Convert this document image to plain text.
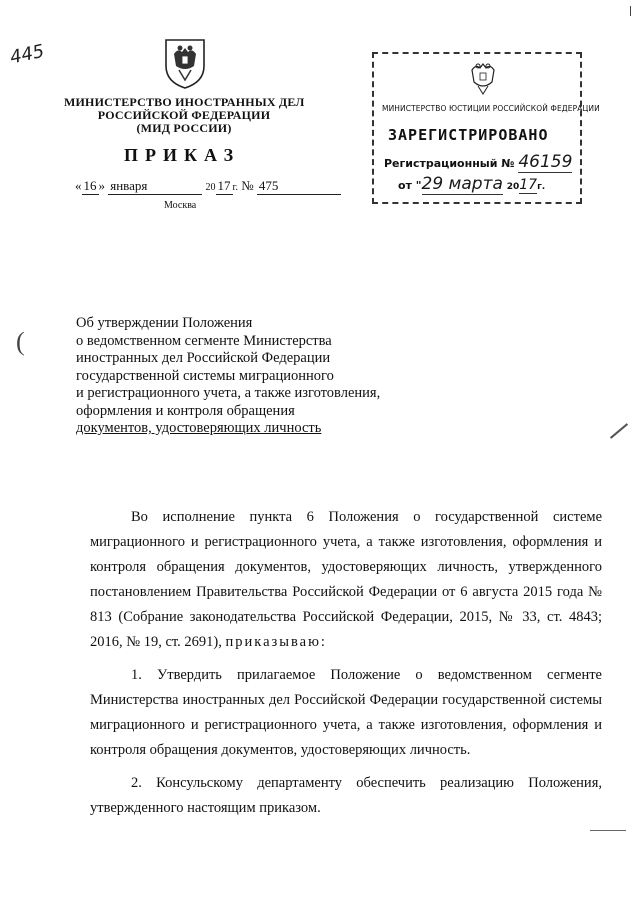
445
МИНИСТЕРСТВО ИНОСТРАННЫХ ДЕЛ
РОССИЙСКОЙ ФЕДЕРАЦИИ
(МИД РОССИИ)
ПРИКАЗ
« 16 » января	20 17 г. № 475
Москва
МИНИСТЕРСТВО ЮСТИЦИИ РОССИЙСКОЙ ФЕДЕРАЦИИ
ЗАРЕГИСТРИРОВАНО
Регистрационный № 46159
от "29 марта 2017г.
(
Об утверждении Положения
о ведомственном сегменте Министерства
иностранных дел Российской Федерации
государственной системы миграционного
и регистрационного учета, а также изготовления,
оформления и контроля обращения
документов, удостоверяющих личность

Во исполнение пункта 6 Положения о государственной системе миграционного и регистрационного учета, а также изготовления, оформления и контроля обращения документов, удостоверяющих личность, утвержденного постановлением Правительства Российской Федерации от 6 августа 2015 года № 813 (Собрание законодательства Российской Федерации, 2015, № 33, ст. 4843; 2016, № 19, ст. 2691), приказываю:

1. Утвердить прилагаемое Положение о ведомственном сегменте Министерства иностранных дел Российской Федерации государственной системы миграционного и регистрационного учета, а также изготовления, оформления и контроля обращения документов, удостоверяющих личность.

2. Консульскому департаменту обеспечить реализацию Положения, утвержденного настоящим приказом.
